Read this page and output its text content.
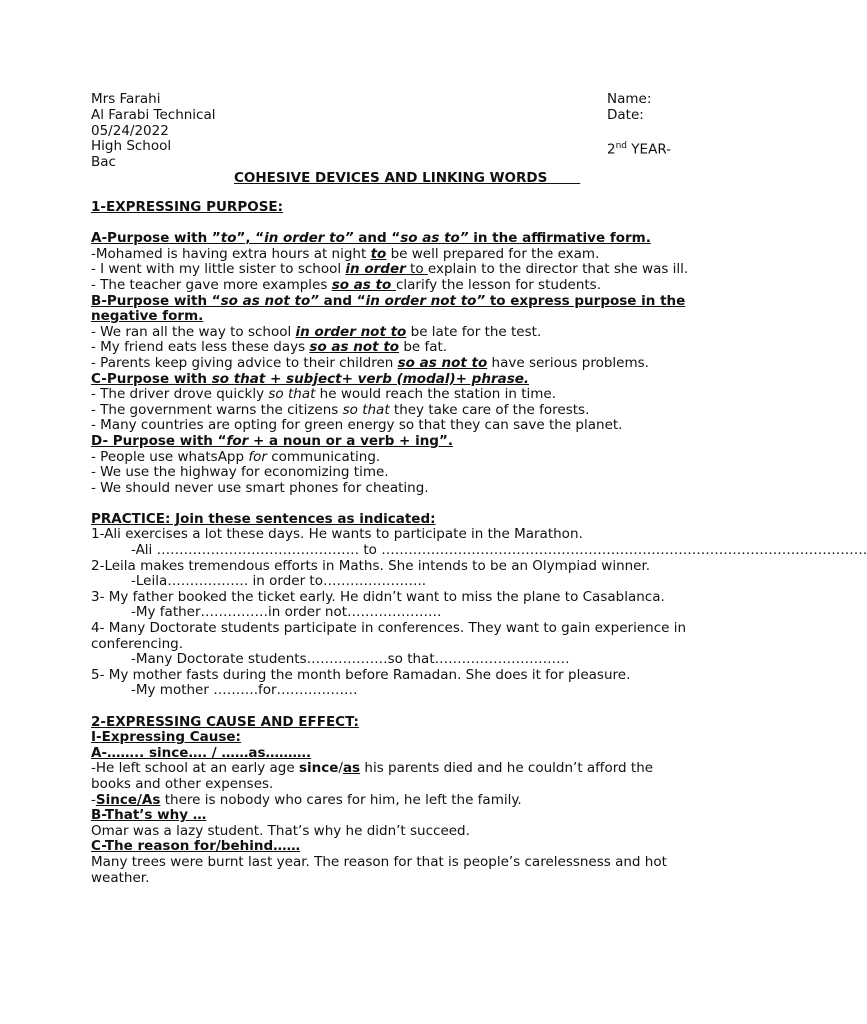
Mrs Farahi
Al Farabi Technical
05/24/2022
High School
Bac
Name:
Date:
2nd YEAR-
COHESIVE DEVICES AND LINKING WORDS

1-EXPRESSING PURPOSE:

A-Purpose with ”to”, “in order to” and “so as to” in the affirmative form.

-Mohamed is having extra hours at night to be well prepared for the exam.

- I went with my little sister to school in order to explain to the director that she was ill.

- The teacher gave more examples so as to clarify the lesson for students.

B-Purpose with “so as not to” and “in order not to” to express purpose in the negative form.

- We ran all the way to school in order not to be late for the test.

- My friend eats less these days so as not to be fat.

- Parents keep giving advice to their children so as not to have serious problems.

C-Purpose with so that + subject+ verb (modal)+ phrase.

- The driver drove quickly so that he would reach the station in time.

- The government warns the citizens so that they take care of the forests.

- Many countries are opting for green energy so that they can save the planet.

D- Purpose with “for + a noun or a verb + ing”.

- People use whatsApp for communicating.

- We use the highway for economizing time.

- We should never use smart phones for cheating.

PRACTICE: Join these sentences as indicated:

1-Ali exercises a lot these days. He wants to participate in the Marathon.

-Ali ……………………………………… to ………………………………………………………………………………………………

2-Leila makes tremendous efforts in Maths. She intends to be an Olympiad winner.

-Leila……………… in order to…………………..

3- My father booked the ticket early. He didn’t want to miss the plane to Casablanca.

-My father……………in order not…………………

4- Many Doctorate students participate in conferences. They want to gain experience in conferencing.

-Many Doctorate students………………so that…………………………

5- My mother fasts during the month before Ramadan. She does it for pleasure.

-My mother ……….for………………

2-EXPRESSING CAUSE AND EFFECT:

I-Expressing Cause:

A-…….. since…. / ……as……….

-He left school at an early age since/as his parents died and he couldn’t afford the books and other expenses.

-Since/As there is nobody who cares for him, he left the family.

B-That’s why …

Omar was a lazy student. That’s why he didn’t succeed.

C-The reason for/behind……

Many trees were burnt last year. The reason for that is people’s carelessness and hot weather.
